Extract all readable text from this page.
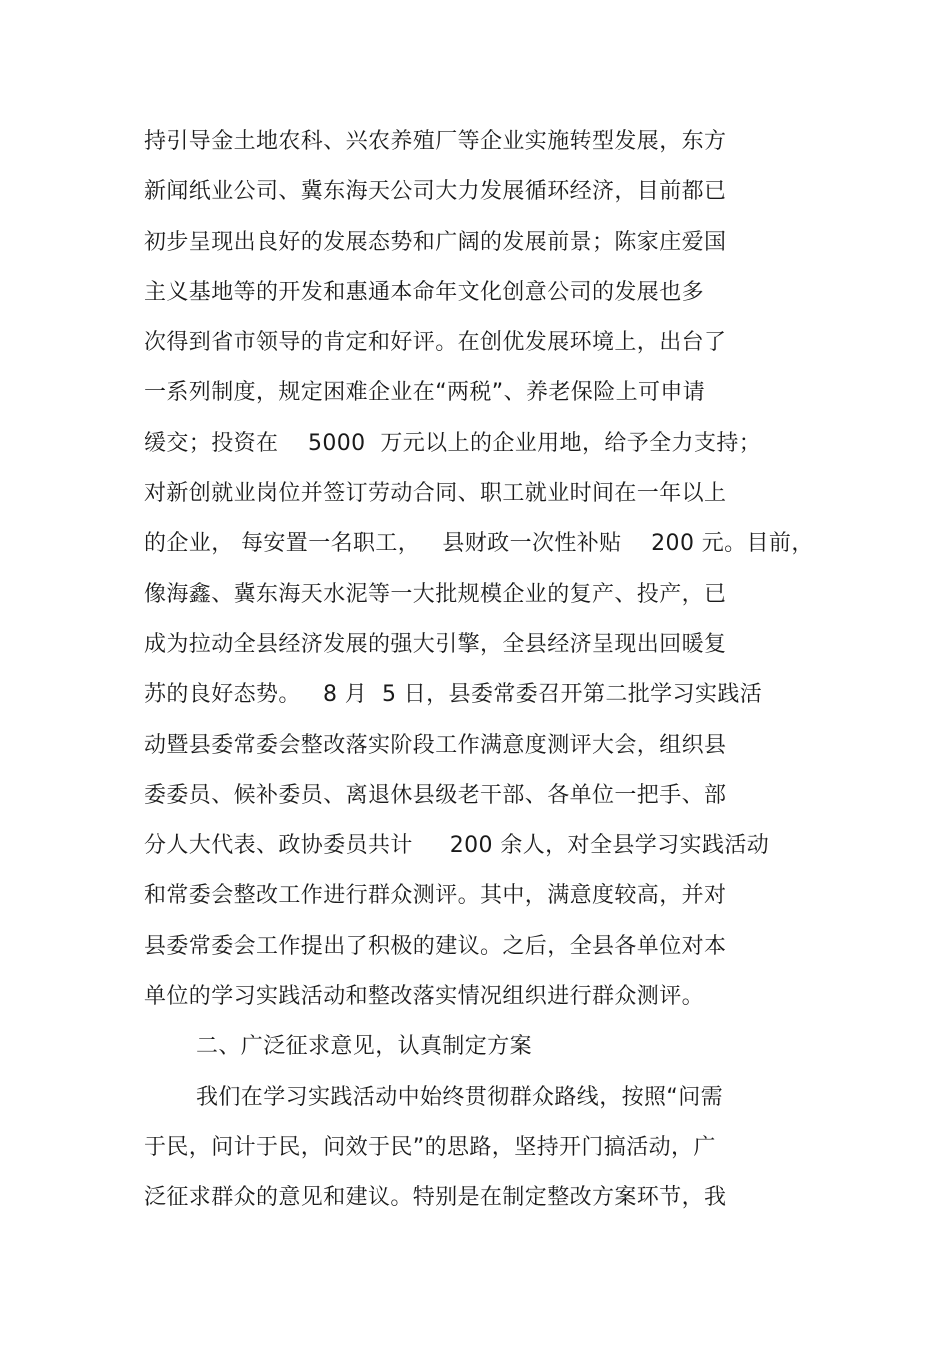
持引导金土地农科、兴农养殖厂等企业实施转型发展，东方
新闻纸业公司、冀东海天公司大力发展循环经济，目前都已
初步呈现出良好的发展态势和广阔的发展前景；陈家庄爱国
主义基地等的开发和惠通本命年文化创意公司的发展也多
次得到省市领导的肯定和好评。在创优发展环境上，出台了
一系列制度，规定困难企业在“两税”、养老保险上可申请
缓交；投资在    5000  万元以上的企业用地，给予全力支持；
对新创就业岗位并签订劳动合同、职工就业时间在一年以上
的企业， 每安置一名职工，   县财政一次性补贴    200 元。目前，
像海鑫、冀东海天水泥等一大批规模企业的复产、投产，已
成为拉动全县经济发展的强大引擎，全县经济呈现出回暖复
苏的良好态势。   8 月  5 日，县委常委召开第二批学习实践活
动暨县委常委会整改落实阶段工作满意度测评大会，组织县
委委员、候补委员、离退休县级老干部、各单位一把手、部
分人大代表、政协委员共计     200 余人，对全县学习实践活动
和常委会整改工作进行群众测评。其中，满意度较高，并对
县委常委会工作提出了积极的建议。之后，全县各单位对本
单位的学习实践活动和整改落实情况组织进行群众测评。
二、广泛征求意见，认真制定方案
我们在学习实践活动中始终贯彻群众路线，按照“问需
于民，问计于民，问效于民”的思路，坚持开门搞活动，广
泛征求群众的意见和建议。特别是在制定整改方案环节，我
